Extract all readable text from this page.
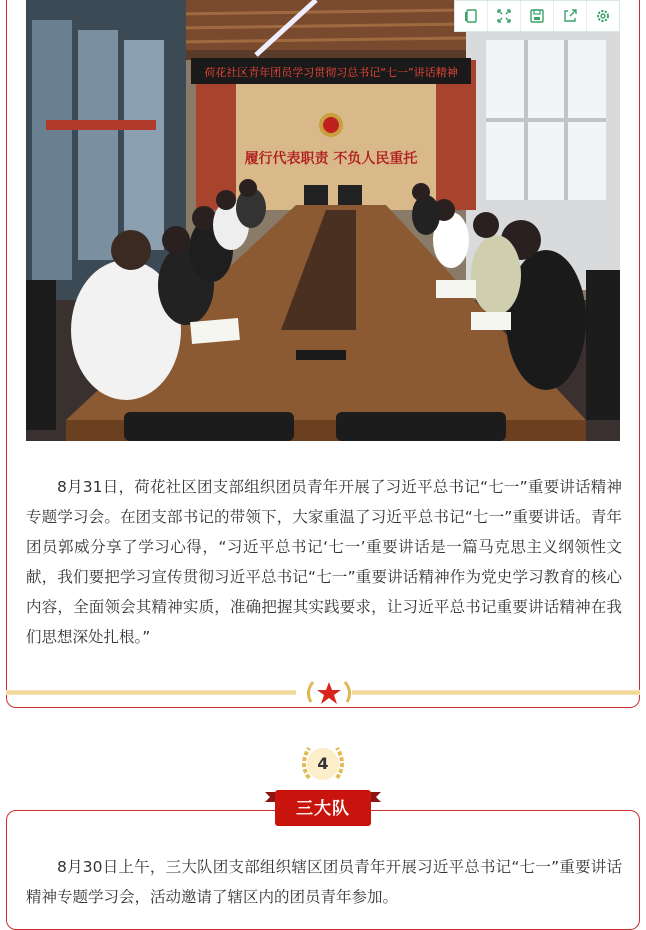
荷花社区青年团员学习贯彻习总书记“七一”讲话精神
履行代表职责 不负人民重托
8月31日，荷花社区团支部组织团员青年开展了习近平总书记“七一”重要讲话精神专题学习会。在团支部书记的带领下，大家重温了习近平总书记“七一”重要讲话。青年团员郭威分享了学习心得，“习近平总书记‘七一’重要讲话是一篇马克思主义纲领性文献，我们要把学习宣传贯彻习近平总书记“七一”重要讲话精神作为党史学习教育的核心内容，全面领会其精神实质，准确把握其实践要求，让习近平总书记重要讲话精神在我们思想深处扎根。”
4
三大队
8月30日上午，三大队团支部组织辖区团员青年开展习近平总书记“七一”重要讲话精神专题学习会，活动邀请了辖区内的团员青年参加。
